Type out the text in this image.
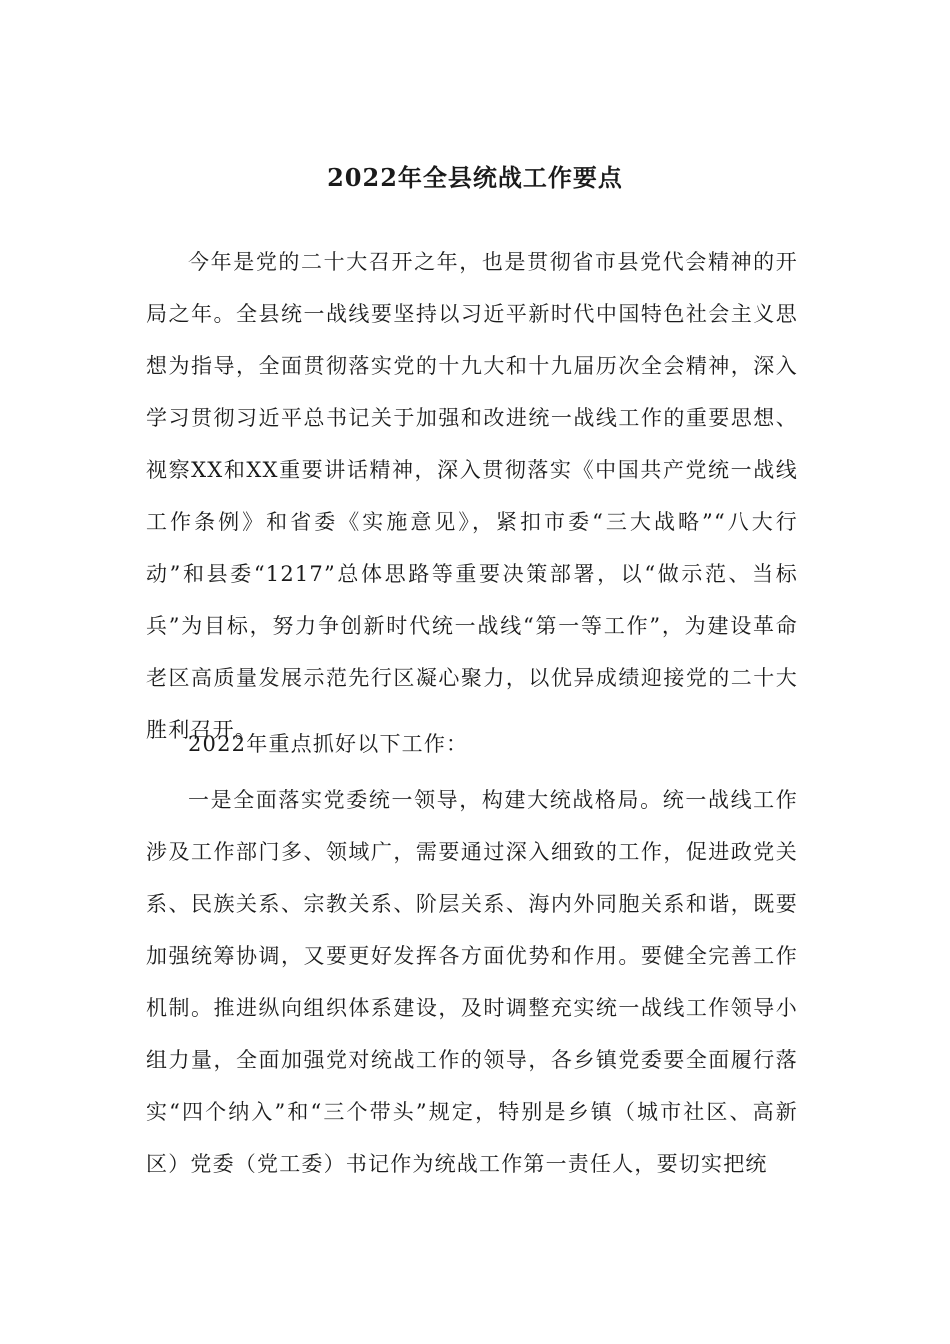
2022年全县统战工作要点

今年是党的二十大召开之年，也是贯彻省市县党代会精神的开局之年。全县统一战线要坚持以习近平新时代中国特色社会主义思想为指导，全面贯彻落实党的十九大和十九届历次全会精神，深入学习贯彻习近平总书记关于加强和改进统一战线工作的重要思想、视察XX和XX重要讲话精神，深入贯彻落实《中国共产党统一战线工作条例》和省委《实施意见》，紧扣市委“三大战略”“八大行动”和县委“1217”总体思路等重要决策部署，以“做示范、当标兵”为目标，努力争创新时代统一战线“第一等工作”，为建设革命老区高质量发展示范先行区凝心聚力，以优异成绩迎接党的二十大胜利召开。

2022年重点抓好以下工作：

一是全面落实党委统一领导，构建大统战格局。统一战线工作涉及工作部门多、领域广，需要通过深入细致的工作，促进政党关系、民族关系、宗教关系、阶层关系、海内外同胞关系和谐，既要加强统筹协调，又要更好发挥各方面优势和作用。要健全完善工作机制。推进纵向组织体系建设，及时调整充实统一战线工作领导小组力量，全面加强党对统战工作的领导，各乡镇党委要全面履行落实“四个纳入”和“三个带头”规定，特别是乡镇（城市社区、高新区）党委（党工委）书记作为统战工作第一责任人，要切实把统
